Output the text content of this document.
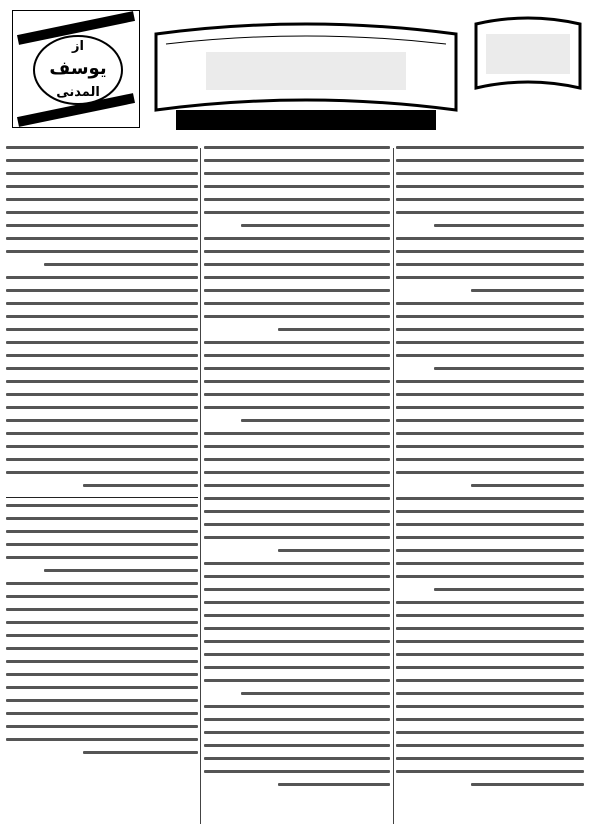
از
یوسف
المدنی
